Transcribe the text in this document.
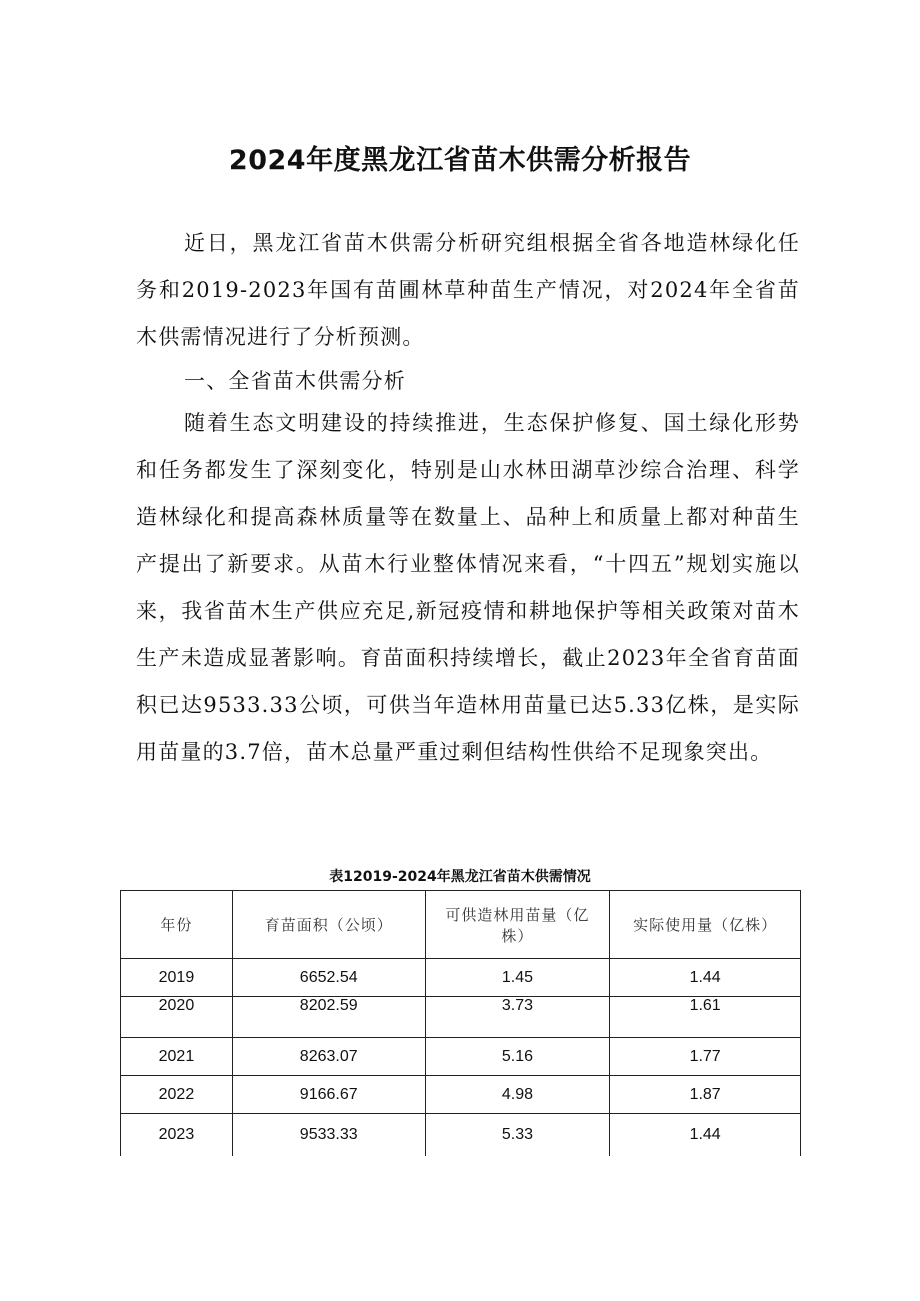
2024年度黑龙江省苗木供需分析报告

近日，黑龙江省苗木供需分析研究组根据全省各地造林绿化任务和2019-2023年国有苗圃林草种苗生产情况，对2024年全省苗木供需情况进行了分析预测。

一、全省苗木供需分析

随着生态文明建设的持续推进，生态保护修复、国土绿化形势和任务都发生了深刻变化，特别是山水林田湖草沙综合治理、科学造林绿化和提高森林质量等在数量上、品种上和质量上都对种苗生产提出了新要求。从苗木行业整体情况来看，“十四五”规划实施以来，我省苗木生产供应充足,新冠疫情和耕地保护等相关政策对苗木生产未造成显著影响。育苗面积持续增长，截止2023年全省育苗面积已达9533.33公顷，可供当年造林用苗量已达5.33亿株，是实际用苗量的3.7倍，苗木总量严重过剩但结构性供给不足现象突出。

表12019-2024年黑龙江省苗木供需情况
年份	育苗面积（公顷）	可供造林用苗量（亿株）	实际使用量（亿株）
2019	6652.54	1.45	1.44
2020	8202.59	3.73	1.61
2021	8263.07	5.16	1.77
2022	9166.67	4.98	1.87
2023	9533.33	5.33	1.44
